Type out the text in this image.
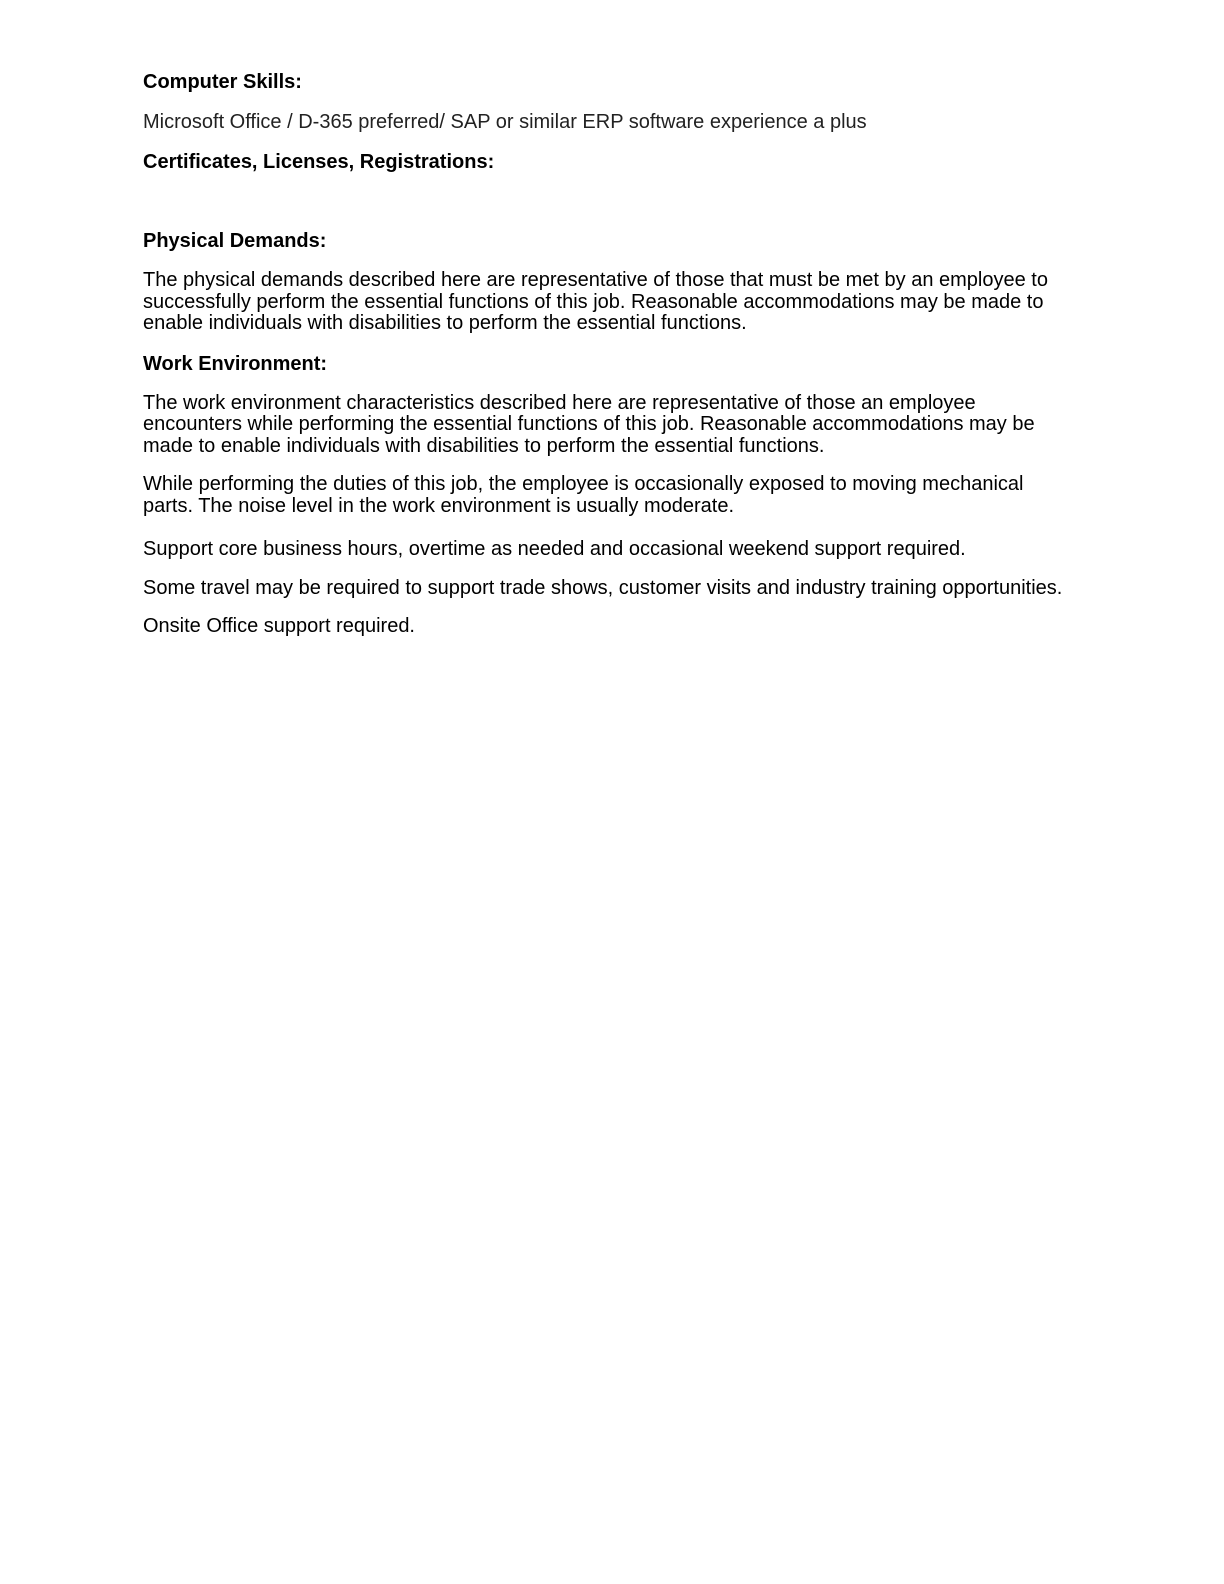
Computer Skills:

Microsoft Office / D-365 preferred/ SAP or similar ERP software experience a plus

Certificates, Licenses, Registrations:

Physical Demands:

The physical demands described here are representative of those that must be met by an employee to successfully perform the essential functions of this job. Reasonable accommodations may be made to enable individuals with disabilities to perform the essential functions.

Work Environment:

The work environment characteristics described here are representative of those an employee encounters while performing the essential functions of this job. Reasonable accommodations may be made to enable individuals with disabilities to perform the essential functions.

While performing the duties of this job, the employee is occasionally exposed to moving mechanical parts. The noise level in the work environment is usually moderate.

Support core business hours, overtime as needed and occasional weekend support required.

Some travel may be required to support trade shows, customer visits and industry training opportunities.

Onsite Office support required.
